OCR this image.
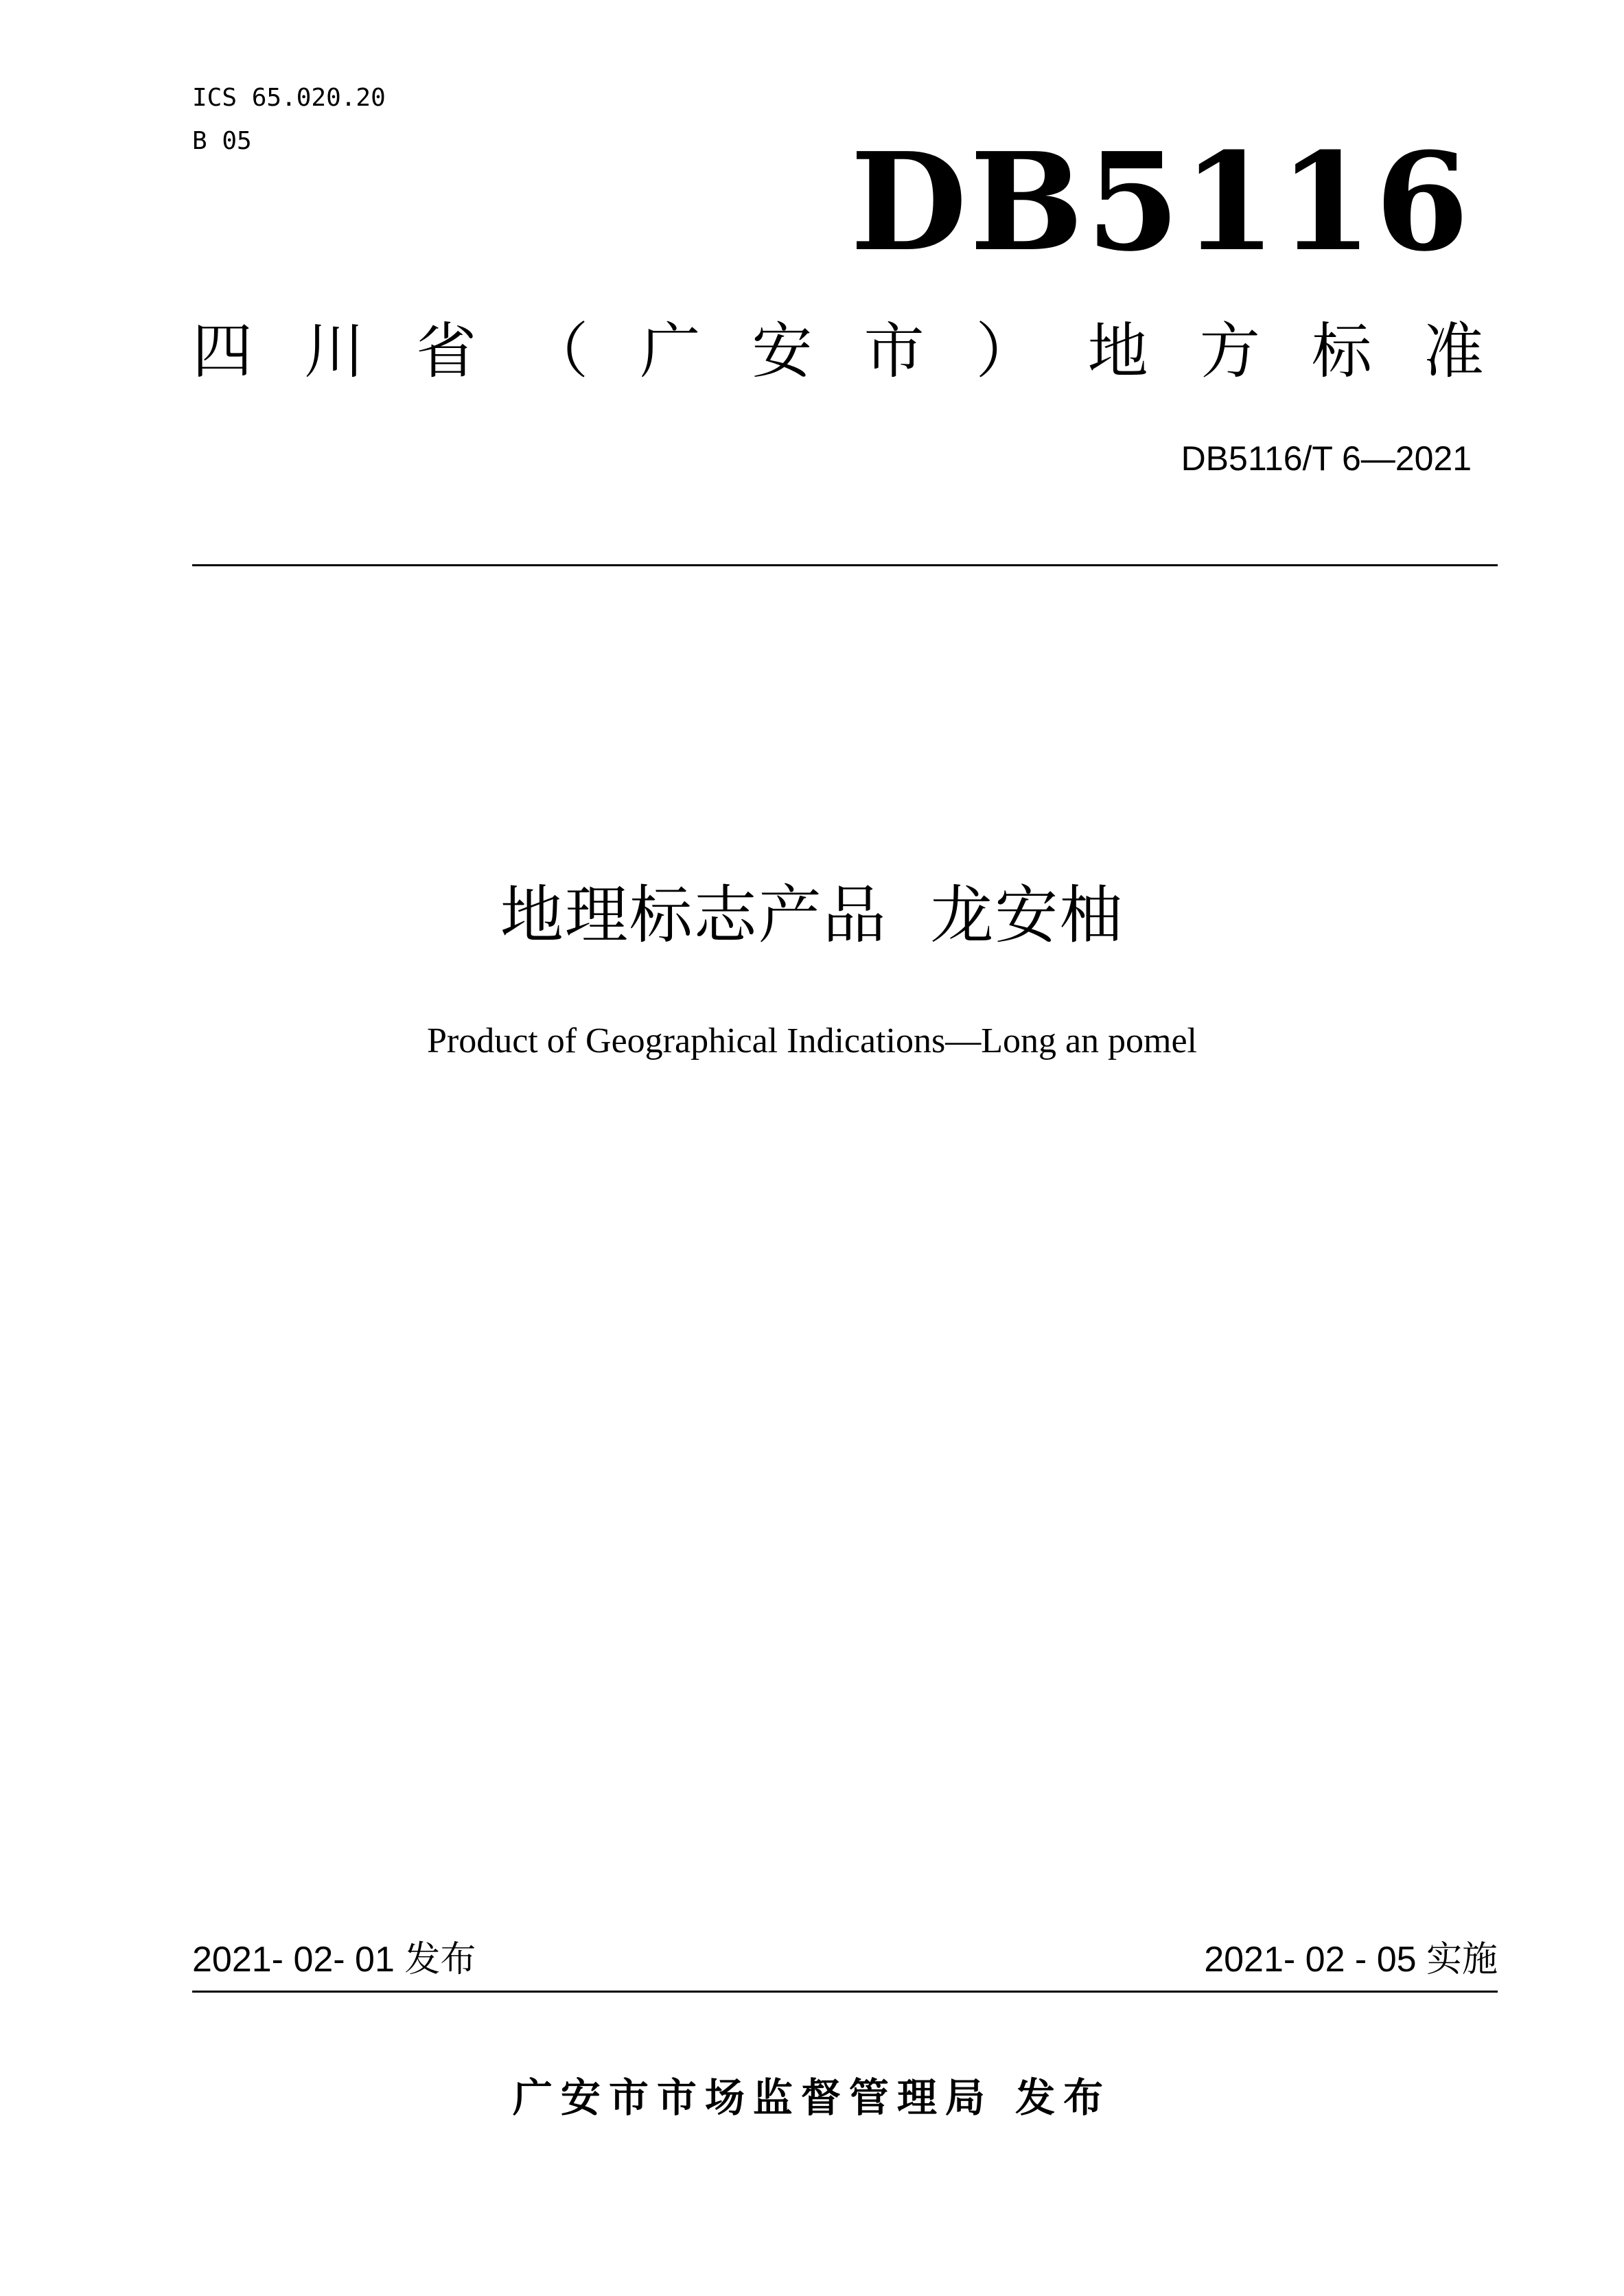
ICS 65.020.20

B 05	DB5116
四 川 省 （ 广 安 市 ） 地 方 标 准

DB5116/T 6—2021

地理标志产品  龙安柚

Product of Geographical Indications—Long an pomel

2021- 02- 01 发布	2021- 02 - 05 实施

广安市市场监督管理局 发布
